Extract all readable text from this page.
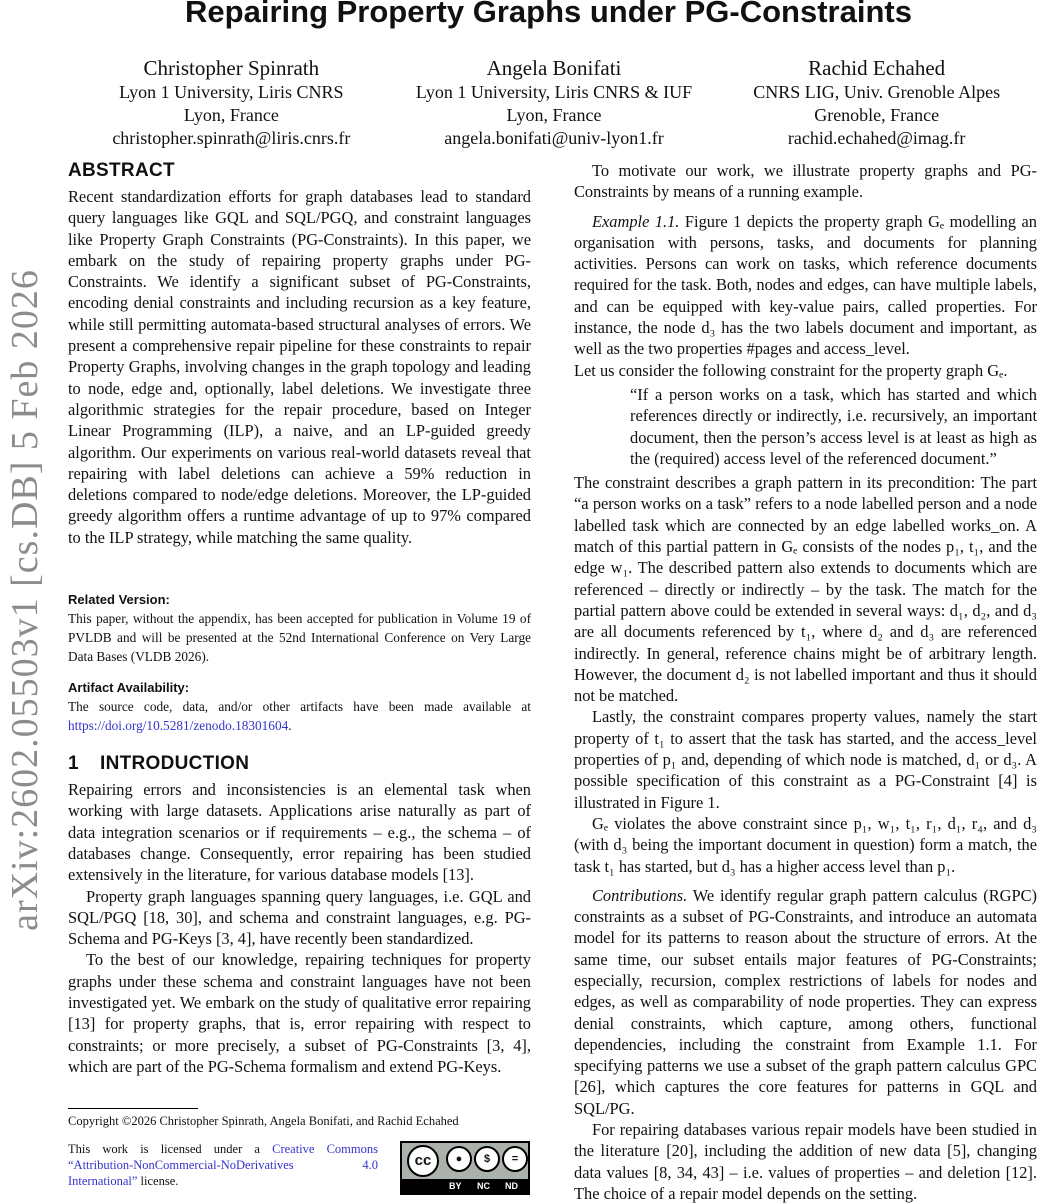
arXiv:2602.05503v1 [cs.DB] 5 Feb 2026
Repairing Property Graphs under PG-Constraints
Christopher Spinrath
Lyon 1 University, Liris CNRS
Lyon, France
christopher.spinrath@liris.cnrs.fr
Angela Bonifati
Lyon 1 University, Liris CNRS & IUF
Lyon, France
angela.bonifati@univ-lyon1.fr
Rachid Echahed
CNRS LIG, Univ. Grenoble Alpes
Grenoble, France
rachid.echahed@imag.fr
ABSTRACT

Recent standardization efforts for graph databases lead to standard query languages like GQL and SQL/PGQ, and constraint languages like Property Graph Constraints (PG-Constraints). In this paper, we embark on the study of repairing property graphs under PG-Constraints. We identify a significant subset of PG-Constraints, encoding denial constraints and including recursion as a key feature, while still permitting automata-based structural analyses of errors. We present a comprehensive repair pipeline for these constraints to repair Property Graphs, involving changes in the graph topology and leading to node, edge and, optionally, label deletions. We investigate three algorithmic strategies for the repair procedure, based on Integer Linear Programming (ILP), a naive, and an LP-guided greedy algorithm. Our experiments on various real-world datasets reveal that repairing with label deletions can achieve a 59% reduction in deletions compared to node/edge deletions. Moreover, the LP-guided greedy algorithm offers a runtime advantage of up to 97% compared to the ILP strategy, while matching the same quality.

Related Version:
This paper, without the appendix, has been accepted for publication in Volume 19 of PVLDB and will be presented at the 52nd International Conference on Very Large Data Bases (VLDB 2026).
Artifact Availability:
The source code, data, and/or other artifacts have been made available at https://doi.org/10.5281/zenodo.18301604.
1 INTRODUCTION

Repairing errors and inconsistencies is an elemental task when working with large datasets. Applications arise naturally as part of data integration scenarios or if requirements – e.g., the schema – of databases change. Consequently, error repairing has been studied extensively in the literature, for various database models [13].

Property graph languages spanning query languages, i.e. GQL and SQL/PGQ [18, 30], and schema and constraint languages, e.g. PG-Schema and PG-Keys [3, 4], have recently been standardized.

To the best of our knowledge, repairing techniques for property graphs under these schema and constraint languages have not been investigated yet. We embark on the study of qualitative error repairing [13] for property graphs, that is, error repairing with respect to constraints; or more precisely, a subset of PG-Constraints [3, 4], which are part of the PG-Schema formalism and extend PG-Keys.

Copyright ©2026 Christopher Spinrath, Angela Bonifati, and Rachid Echahed
This work is licensed under a Creative Commons “Attribution-NonCommercial-NoDerivatives 4.0 International” license.
cc	●	$	=
BY NC ND

To motivate our work, we illustrate property graphs and PG-Constraints by means of a running example.

Example 1.1. Figure 1 depicts the property graph Gₑ modelling an organisation with persons, tasks, and documents for planning activities. Persons can work on tasks, which reference documents required for the task. Both, nodes and edges, can have multiple labels, and can be equipped with key-value pairs, called properties. For instance, the node d₃ has the two labels document and important, as well as the two properties #pages and access_level.

Let us consider the following constraint for the property graph Gₑ.

“If a person works on a task, which has started and which references directly or indirectly, i.e. recursively, an important document, then the person’s access level is at least as high as the (required) access level of the referenced document.”

The constraint describes a graph pattern in its precondition: The part “a person works on a task” refers to a node labelled person and a node labelled task which are connected by an edge labelled works_on. A match of this partial pattern in Gₑ consists of the nodes p₁, t₁, and the edge w₁. The described pattern also extends to documents which are referenced – directly or indirectly – by the task. The match for the partial pattern above could be extended in several ways: d₁, d₂, and d₃ are all documents referenced by t₁, where d₂ and d₃ are referenced indirectly. In general, reference chains might be of arbitrary length. However, the document d₂ is not labelled important and thus it should not be matched.

Lastly, the constraint compares property values, namely the start property of t₁ to assert that the task has started, and the access_level properties of p₁ and, depending of which node is matched, d₁ or d₃. A possible specification of this constraint as a PG-Constraint [4] is illustrated in Figure 1.

Gₑ violates the above constraint since p₁, w₁, t₁, r₁, d₁, r₄, and d₃ (with d₃ being the important document in question) form a match, the task t₁ has started, but d₃ has a higher access level than p₁.

Contributions. We identify regular graph pattern calculus (RGPC) constraints as a subset of PG-Constraints, and introduce an automata model for its patterns to reason about the structure of errors. At the same time, our subset entails major features of PG-Constraints; especially, recursion, complex restrictions of labels for nodes and edges, as well as comparability of node properties. They can express denial constraints, which capture, among others, functional dependencies, including the constraint from Example 1.1. For specifying patterns we use a subset of the graph pattern calculus GPC [26], which captures the core features for patterns in GQL and SQL/PG.

For repairing databases various repair models have been studied in the literature [20], including the addition of new data [5], changing data values [8, 34, 43] – i.e. values of properties – and deletion [12]. The choice of a repair model depends on the setting.
